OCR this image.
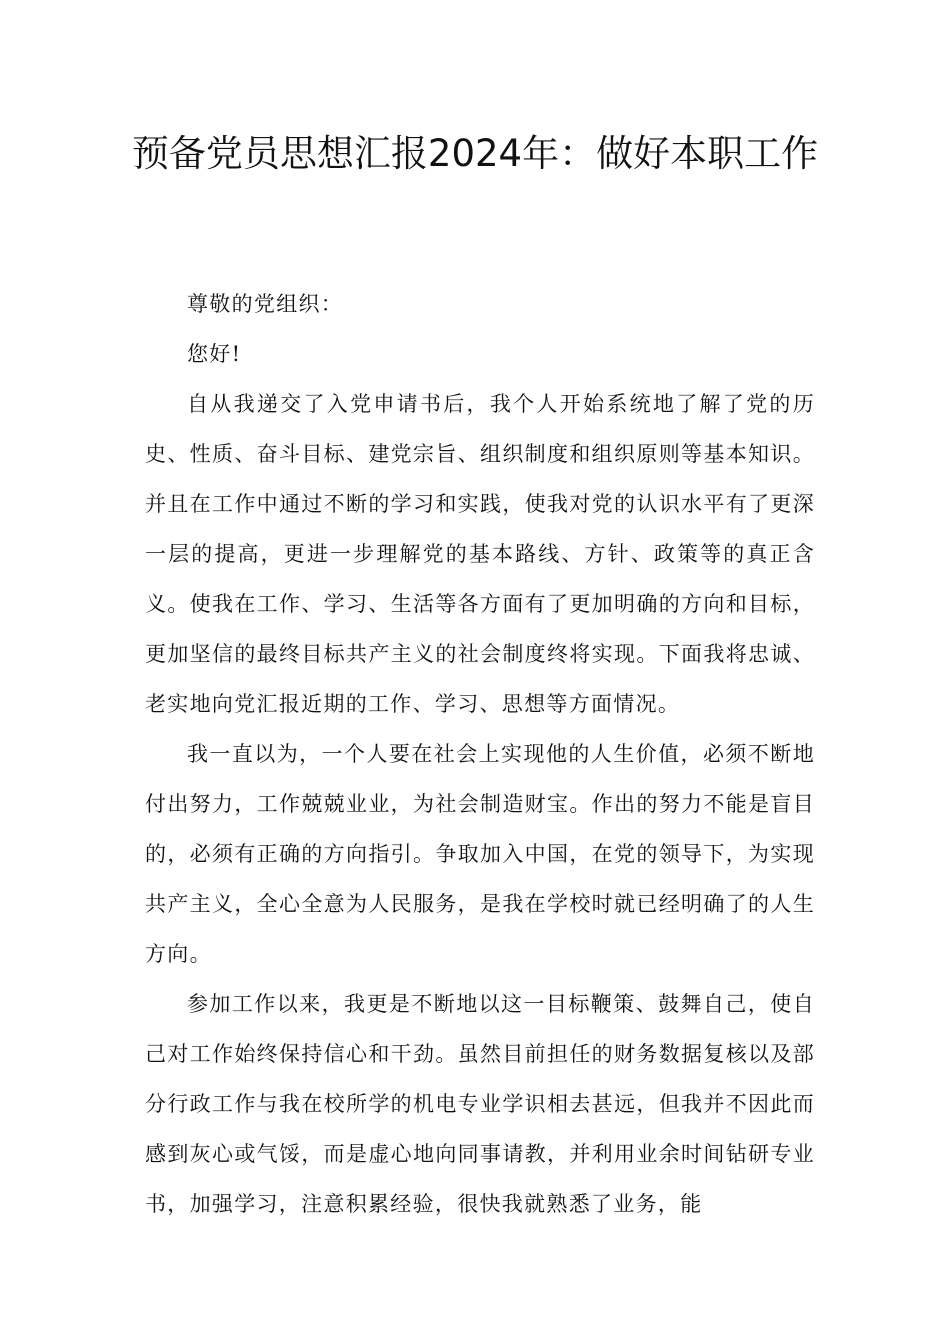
预备党员思想汇报2024年：做好本职工作

尊敬的党组织：

您好!

自从我递交了入党申请书后，我个人开始系统地了解了党的历史、性质、奋斗目标、建党宗旨、组织制度和组织原则等基本知识。并且在工作中通过不断的学习和实践，使我对党的认识水平有了更深一层的提高，更进一步理解党的基本路线、方针、政策等的真正含义。使我在工作、学习、生活等各方面有了更加明确的方向和目标，更加坚信的最终目标共产主义的社会制度终将实现。下面我将忠诚、老实地向党汇报近期的工作、学习、思想等方面情况。

我一直以为，一个人要在社会上实现他的人生价值，必须不断地付出努力，工作兢兢业业，为社会制造财宝。作出的努力不能是盲目的，必须有正确的方向指引。争取加入中国，在党的领导下，为实现共产主义，全心全意为人民服务，是我在学校时就已经明确了的人生方向。

参加工作以来，我更是不断地以这一目标鞭策、鼓舞自己，使自己对工作始终保持信心和干劲。虽然目前担任的财务数据复核以及部分行政工作与我在校所学的机电专业学识相去甚远，但我并不因此而感到灰心或气馁，而是虚心地向同事请教，并利用业余时间钻研专业书，加强学习，注意积累经验，很快我就熟悉了业务，能
